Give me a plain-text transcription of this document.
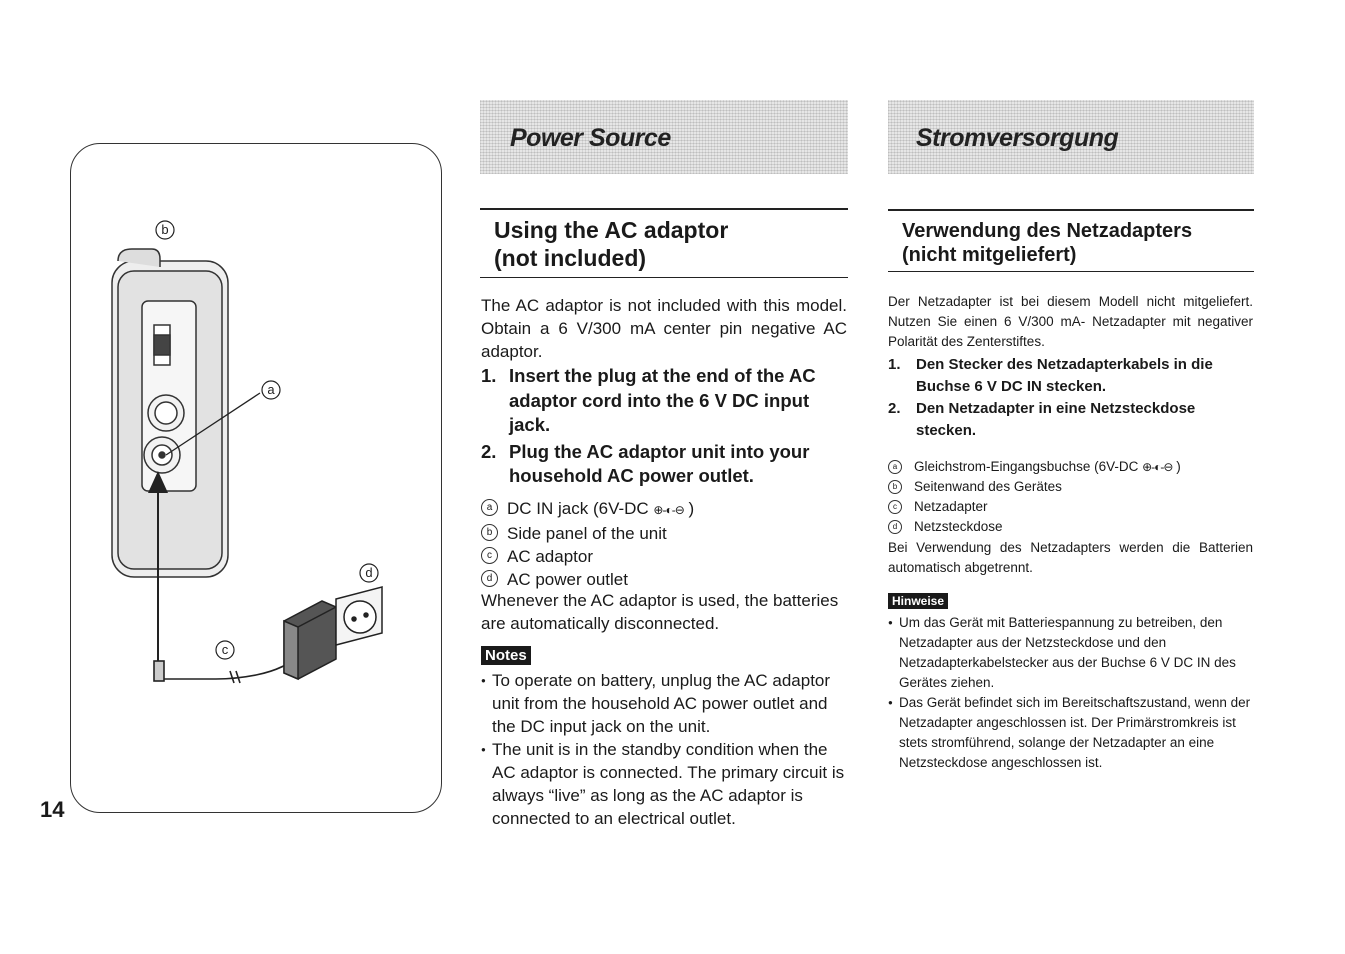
b
a
d
c
14
Power Source
Using the AC adaptor
(not included)

The AC adaptor is not included with this model. Obtain a 6 V/300 mA center pin negative AC adaptor.

1. Insert the plug at the end of the AC adaptor cord into the 6 V DC input jack.
2. Plug the AC adaptor unit into your household AC power outlet.
a DC IN jack (6V-DC ⊕-◐-⊖ )
b Side panel of the unit
c AC adaptor
d AC power outlet

Whenever the AC adaptor is used, the batteries are automatically disconnected.

Notes
● To operate on battery, unplug the AC adaptor unit from the household AC power outlet and the DC input jack on the unit.
● The unit is in the standby condition when the AC adaptor is connected. The primary circuit is always “live” as long as the AC adaptor is connected to an electrical outlet.
Stromversorgung
Verwendung des Netzadapters
(nicht mitgeliefert)

Der Netzadapter ist bei diesem Modell nicht mitgeliefert. Nutzen Sie einen 6 V/300 mA- Netzadapter mit negativer Polarität des Zenterstiftes.

1. Den Stecker des Netzadapterkabels in die Buchse 6 V DC IN stecken.
2. Den Netzadapter in eine Netzsteckdose stecken.
a	Gleichstrom-Eingangsbuchse (6V-DC ⊕-◐-⊖ )
b	Seitenwand des Gerätes
c	Netzadapter
d	Netzsteckdose

Bei Verwendung des Netzadapters werden die Batterien automatisch abgetrennt.

Hinweise
● Um das Gerät mit Batteriespannung zu betreiben, den Netzadapter aus der Netzsteckdose und den Netzadapterkabelstecker aus der Buchse 6 V DC IN des Gerätes ziehen.
● Das Gerät befindet sich im Bereitschaftszustand, wenn der Netzadapter angeschlossen ist. Der Primärstromkreis ist stets stromführend, solange der Netzadapter an eine Netzsteckdose angeschlossen ist.
